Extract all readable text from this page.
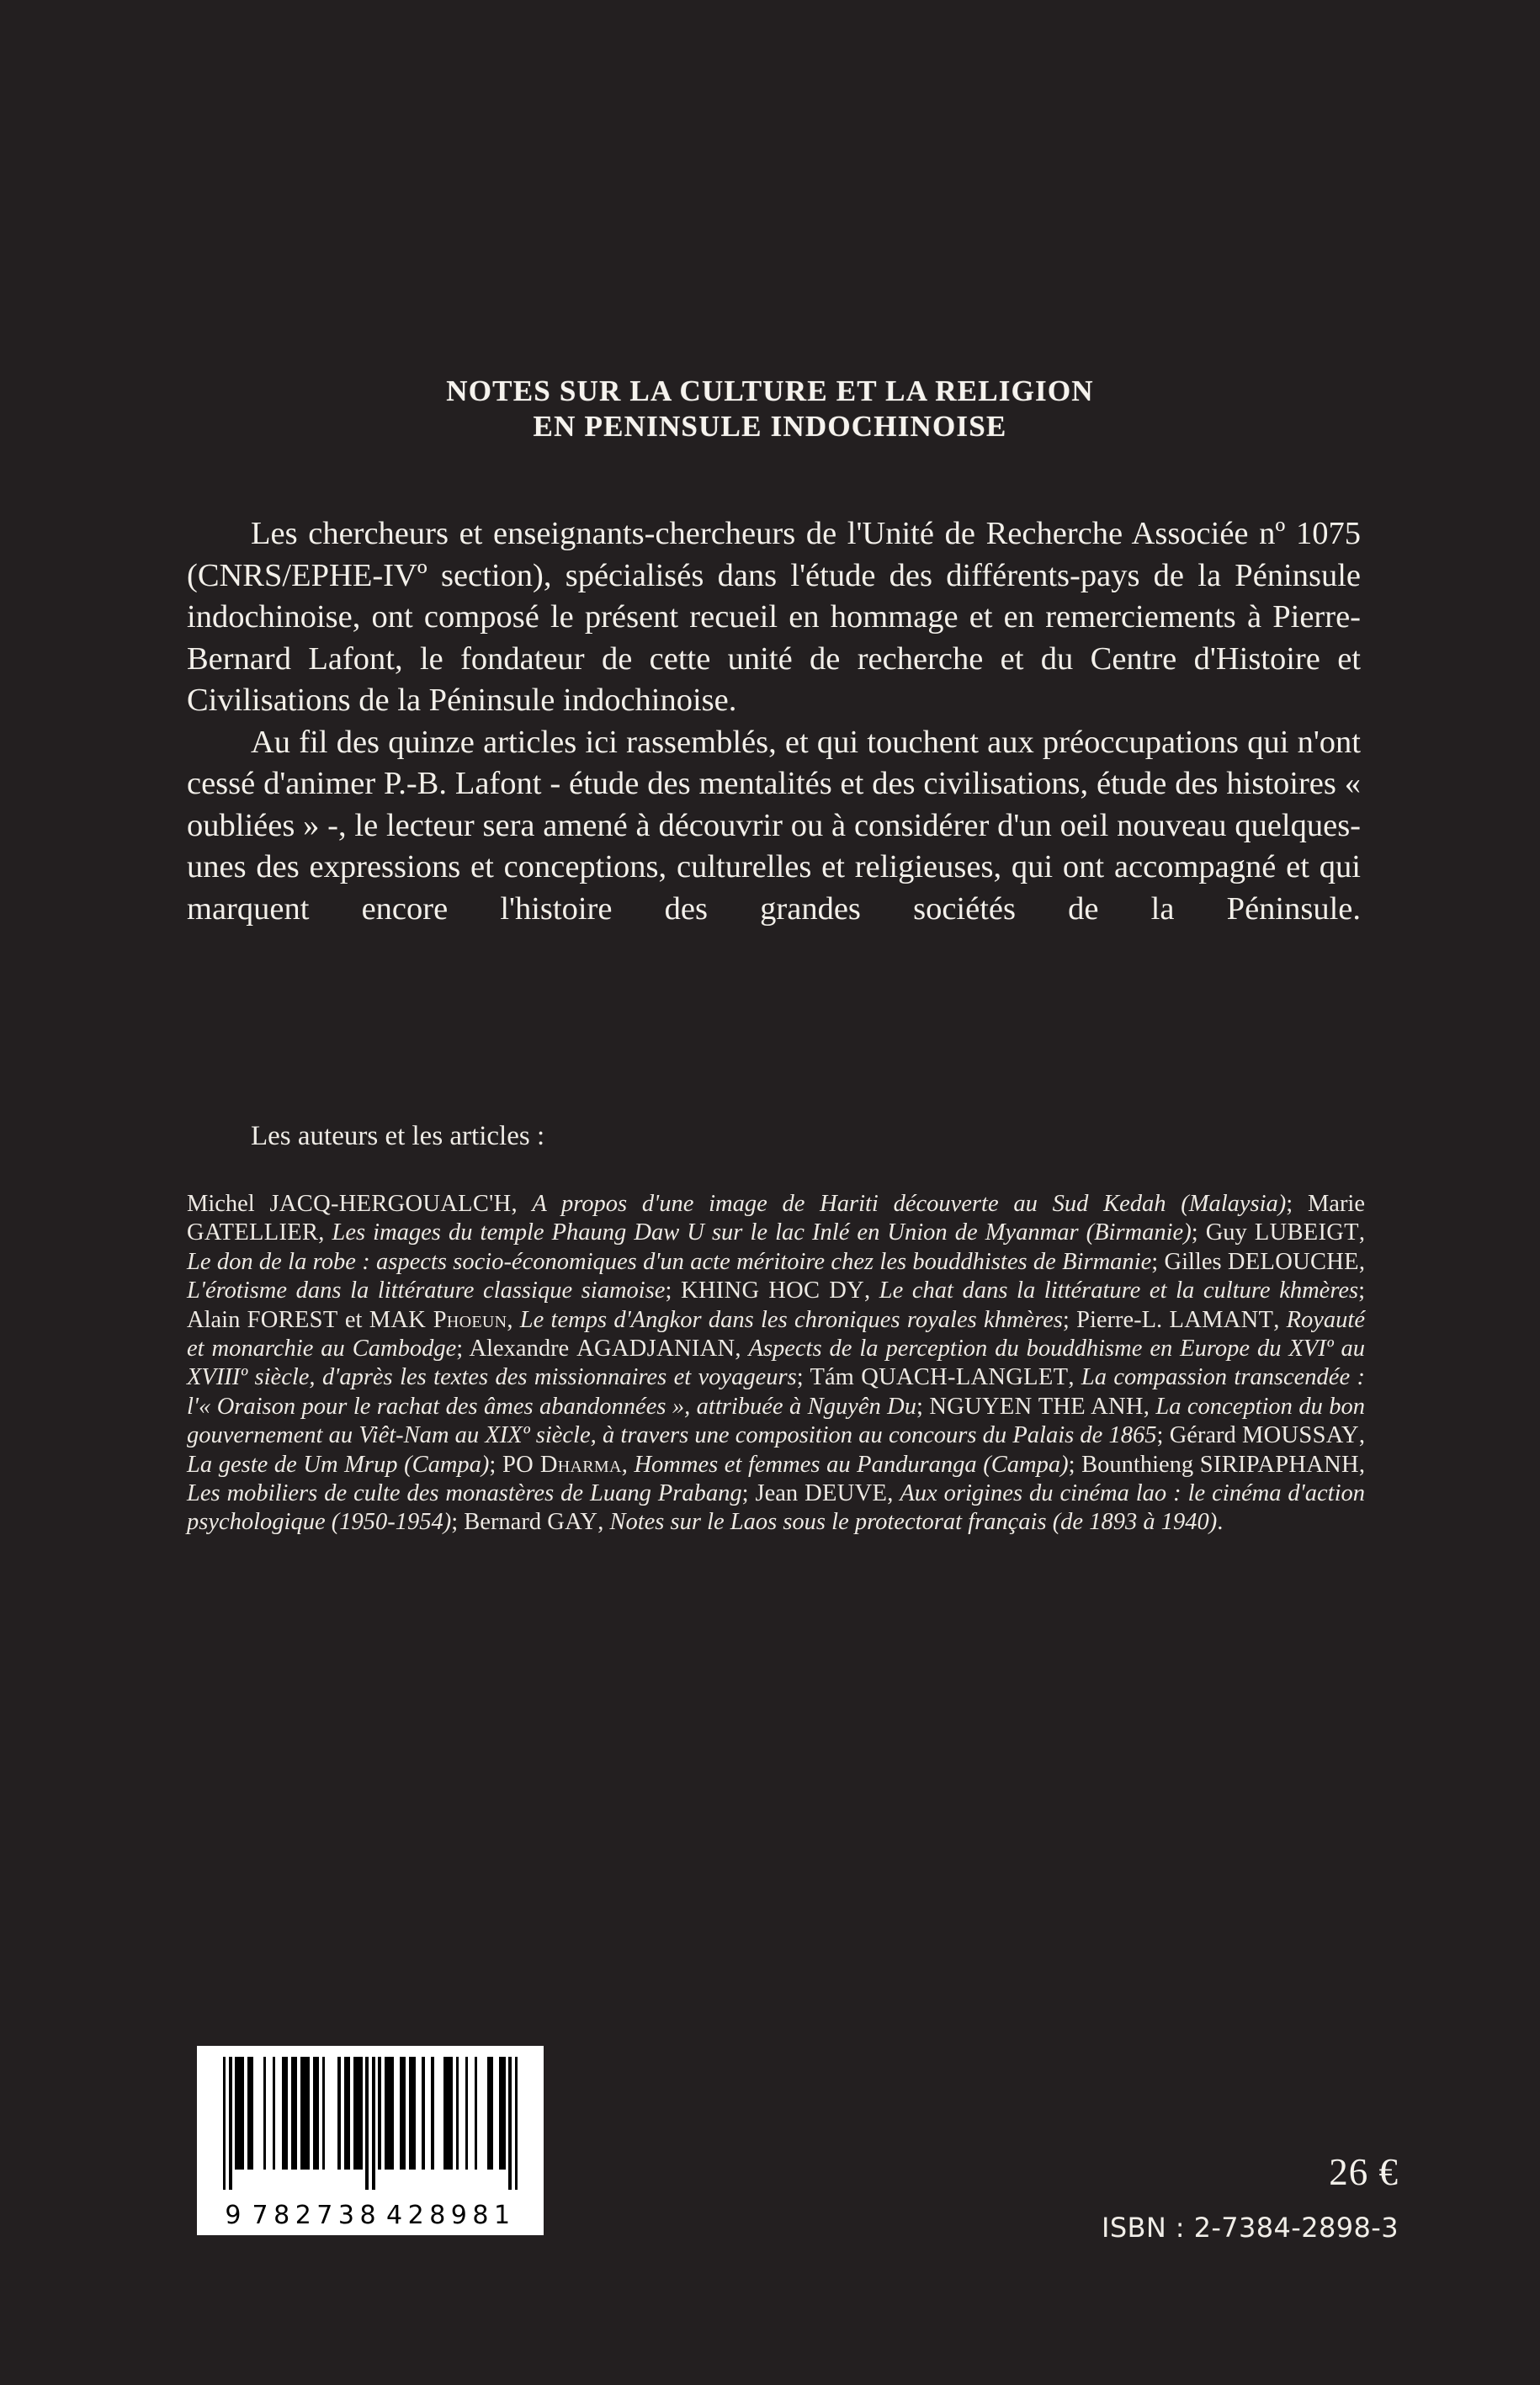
NOTES SUR LA CULTURE ET LA RELIGION
EN PENINSULE INDOCHINOISE

Les chercheurs et enseignants-chercheurs de l'Unité de Recherche Associée nº 1075 (CNRS/EPHE-IVº section), spécialisés dans l'étude des différents-pays de la Péninsule indochinoise, ont composé le présent recueil en hommage et en remerciements à Pierre-Bernard Lafont, le fondateur de cette unité de recherche et du Centre d'Histoire et Civilisations de la Péninsule indochinoise.

Au fil des quinze articles ici rassemblés, et qui touchent aux préoccupations qui n'ont cessé d'animer P.-B. Lafont - étude des mentalités et des civilisations, étude des histoires « oubliées » -, le lecteur sera amené à découvrir ou à considérer d'un oeil nouveau quelques-unes des expressions et conceptions, culturelles et religieuses, qui ont accompagné et qui marquent encore l'histoire des grandes sociétés de la Péninsule.

Les auteurs et les articles :
Michel JACQ-HERGOUALC'H, A propos d'une image de Hariti découverte au Sud Kedah (Malaysia); Marie GATELLIER, Les images du temple Phaung Daw U sur le lac Inlé en Union de Myanmar (Birmanie); Guy LUBEIGT, Le don de la robe : aspects socio-économiques d'un acte méritoire chez les bouddhistes de Birmanie; Gilles DELOUCHE, L'érotisme dans la littérature classique siamoise; KHING HOC DY, Le chat dans la littérature et la culture khmères; Alain FOREST et MAK Phoeun, Le temps d'Angkor dans les chroniques royales khmères; Pierre-L. LAMANT, Royauté et monarchie au Cambodge; Alexandre AGADJANIAN, Aspects de la perception du bouddhisme en Europe du XVIº au XVIIIº siècle, d'après les textes des missionnaires et voyageurs; Tám QUACH-LANGLET, La compassion transcendée : l'« Oraison pour le rachat des âmes abandonnées », attribuée à Nguyên Du; NGUYEN THE ANH, La conception du bon gouvernement au Viêt-Nam au XIXº siècle, à travers une composition au concours du Palais de 1865; Gérard MOUSSAY, La geste de Um Mrup (Campa); PO Dharma, Hommes et femmes au Panduranga (Campa); Bounthieng SIRIPAPHANH, Les mobiliers de culte des monastères de Luang Prabang; Jean DEUVE, Aux origines du cinéma lao : le cinéma d'action psychologique (1950-1954); Bernard GAY, Notes sur le Laos sous le protectorat français (de 1893 à 1940).
9 782738 428981
26 €
ISBN : 2-7384-2898-3
